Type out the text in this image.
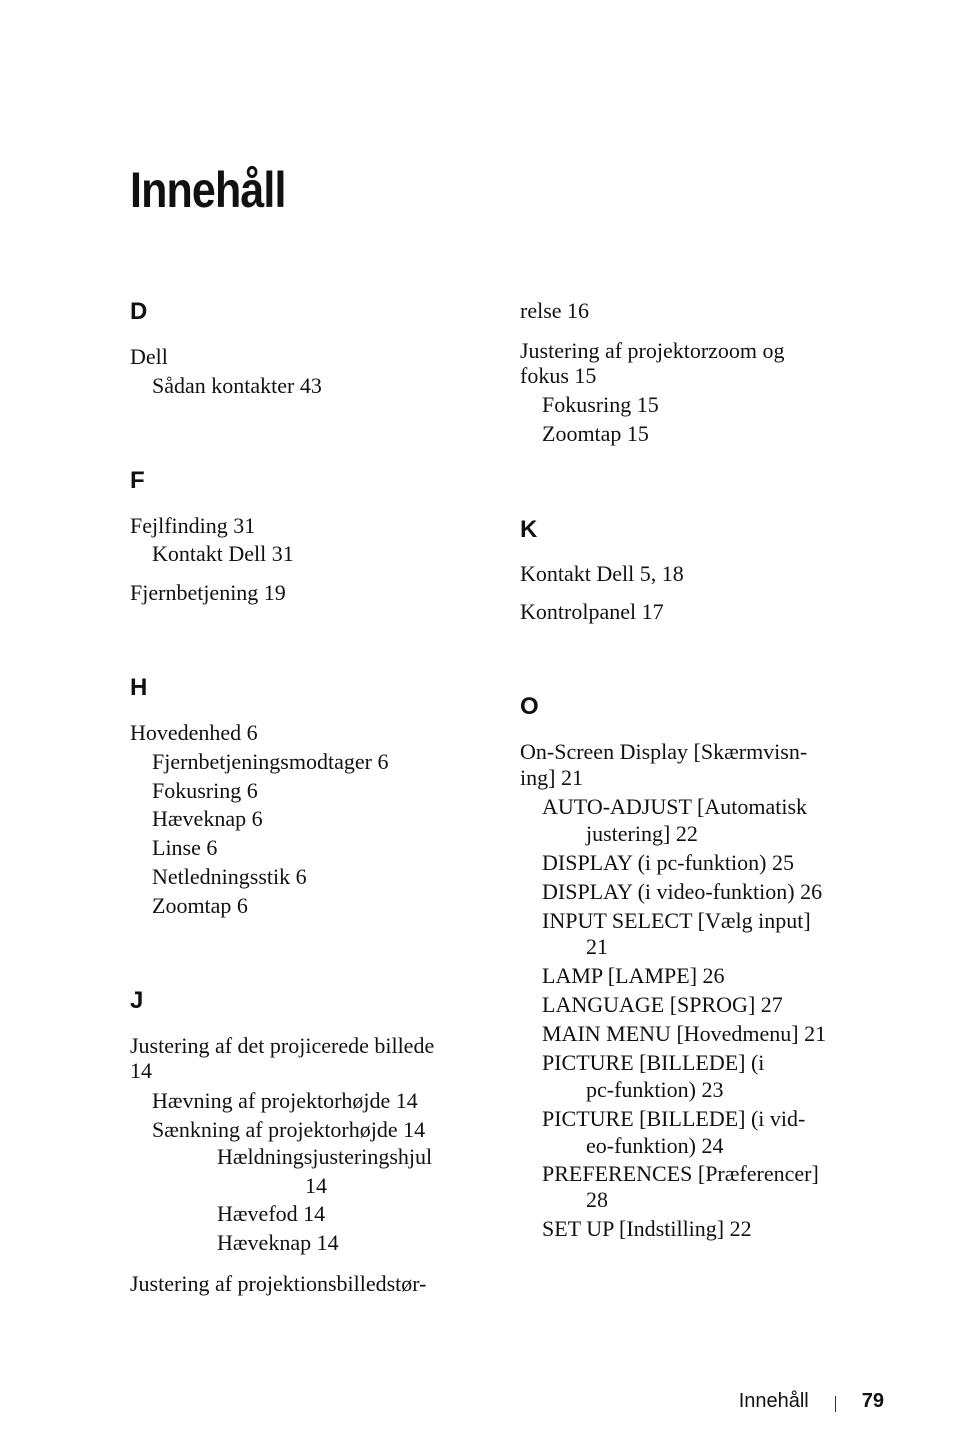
Innehåll
D
Dell
Sådan kontakter 43
F
Fejlfinding 31
Kontakt Dell 31
Fjernbetjening 19
H
Hovedenhed 6
Fjernbetjeningsmodtager 6
Fokusring 6
Hæveknap 6
Linse 6
Netledningsstik 6
Zoomtap 6
J
Justering af det projicerede billede
14
Hævning af projektorhøjde 14
Sænkning af projektorhøjde 14
Hældningsjusteringshjul
14
Hævefod 14
Hæveknap 14
Justering af projektionsbilledstør-
relse 16
Justering af projektorzoom og
fokus 15
Fokusring 15
Zoomtap 15
K
Kontakt Dell 5, 18
Kontrolpanel 17
O
On-Screen Display [Skærmvisn-
ing] 21
AUTO-ADJUST [Automatisk
justering] 22
DISPLAY (i pc-funktion) 25
DISPLAY (i video-funktion) 26
INPUT SELECT [Vælg input]
21
LAMP [LAMPE] 26
LANGUAGE [SPROG] 27
MAIN MENU [Hovedmenu] 21
PICTURE [BILLEDE] (i
pc-funktion) 23
PICTURE [BILLEDE] (i vid-
eo-funktion) 24
PREFERENCES [Præferencer]
28
SET UP [Indstilling] 22
Innehåll	79
